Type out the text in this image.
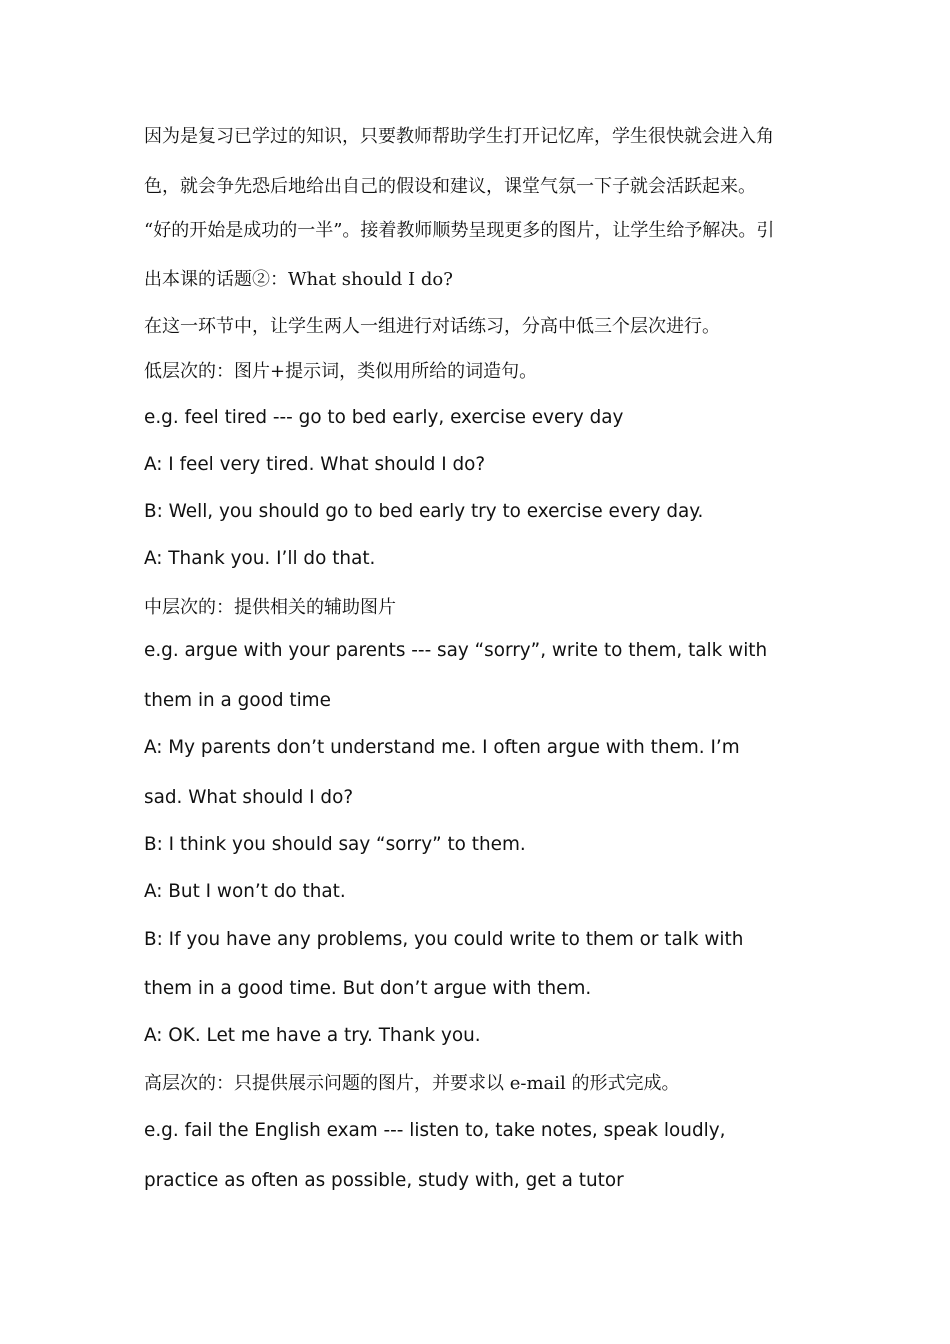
因为是复习已学过的知识，只要教师帮助学生打开记忆库，学生很快就会进入角
色，就会争先恐后地给出自己的假设和建议，课堂气氛一下子就会活跃起来。
“好的开始是成功的一半”。接着教师顺势呈现更多的图片，让学生给予解决。引
出本课的话题②：What should I do?
在这一环节中，让学生两人一组进行对话练习，分高中低三个层次进行。
低层次的：图片+提示词，类似用所给的词造句。
e.g. feel tired --- go to bed early, exercise every day
A: I feel very tired. What should I do?
B: Well, you should go to bed early try to exercise every day.
A: Thank you. I’ll do that.
中层次的：提供相关的辅助图片
e.g. argue with your parents --- say “sorry”, write to them, talk with
them in a good time
A: My parents don’t understand me. I often argue with them. I’m
sad. What should I do?
B: I think you should say “sorry” to them.
A: But I won’t do that.
B: If you have any problems, you could write to them or talk with
them in a good time. But don’t argue with them.
A: OK. Let me have a try. Thank you.
高层次的：只提供展示问题的图片，并要求以 e-mail 的形式完成。
e.g. fail the English exam --- listen to, take notes, speak loudly,
practice as often as possible, study with, get a tutor
